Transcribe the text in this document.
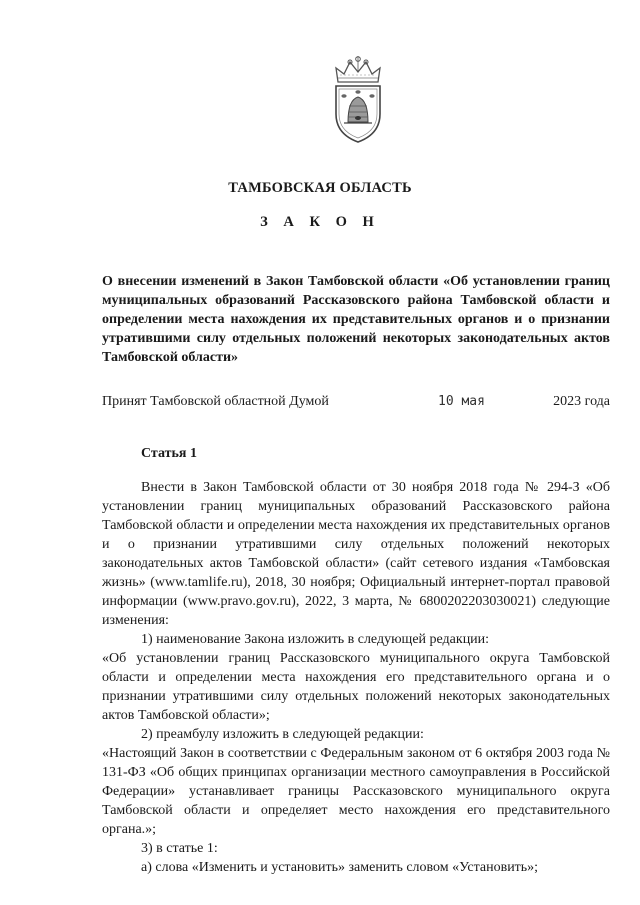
ТАМБОВСКАЯ ОБЛАСТЬ
З А К О Н
О внесении изменений в Закон Тамбовской области «Об установлении границ муниципальных образований Рассказовского района Тамбовской области и определении места нахождения их представительных органов и о признании утратившими силу отдельных положений некоторых законодательных актов Тамбовской области»
Принят Тамбовской областной Думой	10 мая	2023 года
Статья 1

Внести в Закон Тамбовской области от 30 ноября 2018 года № 294-З «Об установлении границ муниципальных образований Рассказовского района Тамбовской области и определении места нахождения их представительных органов и о признании утратившими силу отдельных положений некоторых законодательных актов Тамбовской области» (сайт сетевого издания «Тамбовская жизнь» (www.tamlife.ru), 2018, 30 ноября; Официальный интернет-портал правовой информации (www.pravo.gov.ru), 2022, 3 марта, № 6800202203030021) следующие изменения:

1) наименование Закона изложить в следующей редакции:

«Об установлении границ Рассказовского муниципального округа Тамбовской области и определении места нахождения его представительного органа и о признании утратившими силу отдельных положений некоторых законодательных актов Тамбовской области»;

2) преамбулу изложить в следующей редакции:

«Настоящий Закон в соответствии с Федеральным законом от 6 октября 2003 года № 131-ФЗ «Об общих принципах организации местного самоуправления в Российской Федерации» устанавливает границы Рассказовского муниципального округа Тамбовской области и определяет место нахождения его представительного органа.»;

3) в статье 1:

а) слова «Изменить и установить» заменить словом «Установить»;
